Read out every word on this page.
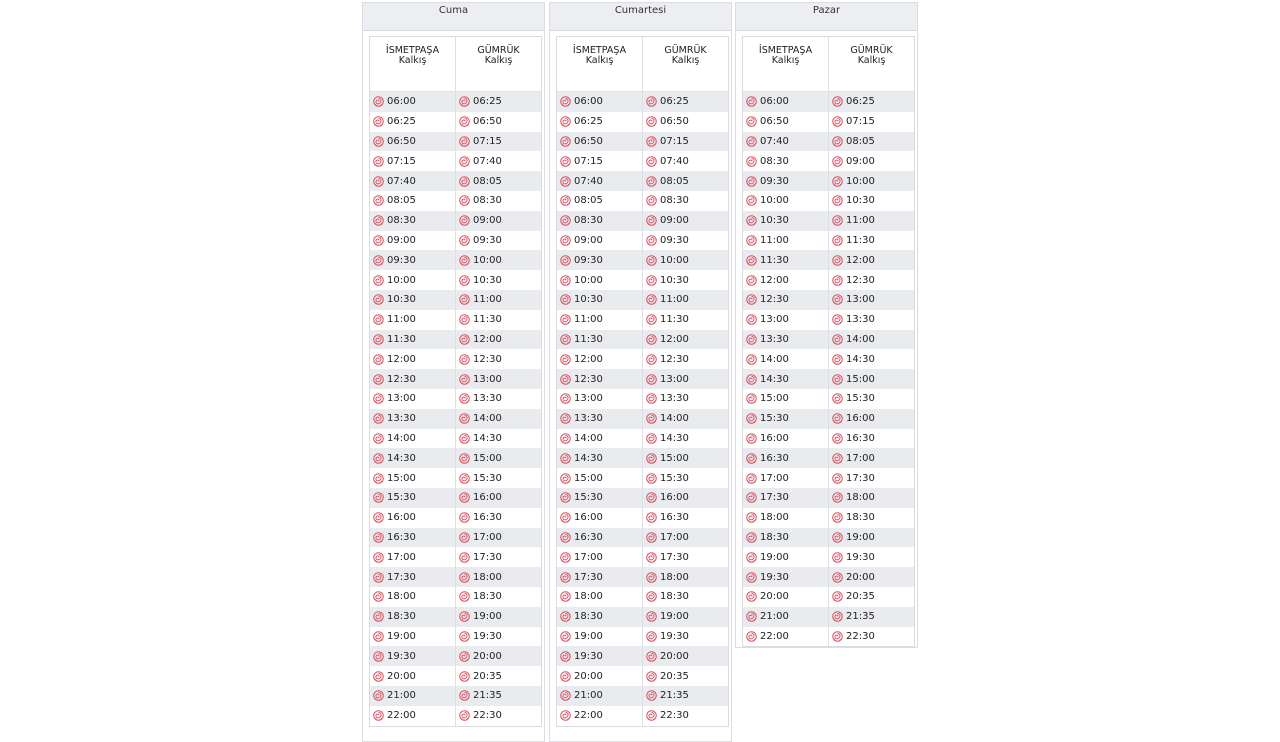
Cuma
İSMETPAŞA
Kalkış
GÜMRÜK
Kalkış
06:00	06:25
06:25	06:50
06:50	07:15
07:15	07:40
07:40	08:05
08:05	08:30
08:30	09:00
09:00	09:30
09:30	10:00
10:00	10:30
10:30	11:00
11:00	11:30
11:30	12:00
12:00	12:30
12:30	13:00
13:00	13:30
13:30	14:00
14:00	14:30
14:30	15:00
15:00	15:30
15:30	16:00
16:00	16:30
16:30	17:00
17:00	17:30
17:30	18:00
18:00	18:30
18:30	19:00
19:00	19:30
19:30	20:00
20:00	20:35
21:00	21:35
22:00	22:30
Cumartesi
İSMETPAŞA
Kalkış
GÜMRÜK
Kalkış
06:00	06:25
06:25	06:50
06:50	07:15
07:15	07:40
07:40	08:05
08:05	08:30
08:30	09:00
09:00	09:30
09:30	10:00
10:00	10:30
10:30	11:00
11:00	11:30
11:30	12:00
12:00	12:30
12:30	13:00
13:00	13:30
13:30	14:00
14:00	14:30
14:30	15:00
15:00	15:30
15:30	16:00
16:00	16:30
16:30	17:00
17:00	17:30
17:30	18:00
18:00	18:30
18:30	19:00
19:00	19:30
19:30	20:00
20:00	20:35
21:00	21:35
22:00	22:30
Pazar
İSMETPAŞA
Kalkış
GÜMRÜK
Kalkış
06:00	06:25
06:50	07:15
07:40	08:05
08:30	09:00
09:30	10:00
10:00	10:30
10:30	11:00
11:00	11:30
11:30	12:00
12:00	12:30
12:30	13:00
13:00	13:30
13:30	14:00
14:00	14:30
14:30	15:00
15:00	15:30
15:30	16:00
16:00	16:30
16:30	17:00
17:00	17:30
17:30	18:00
18:00	18:30
18:30	19:00
19:00	19:30
19:30	20:00
20:00	20:35
21:00	21:35
22:00	22:30
